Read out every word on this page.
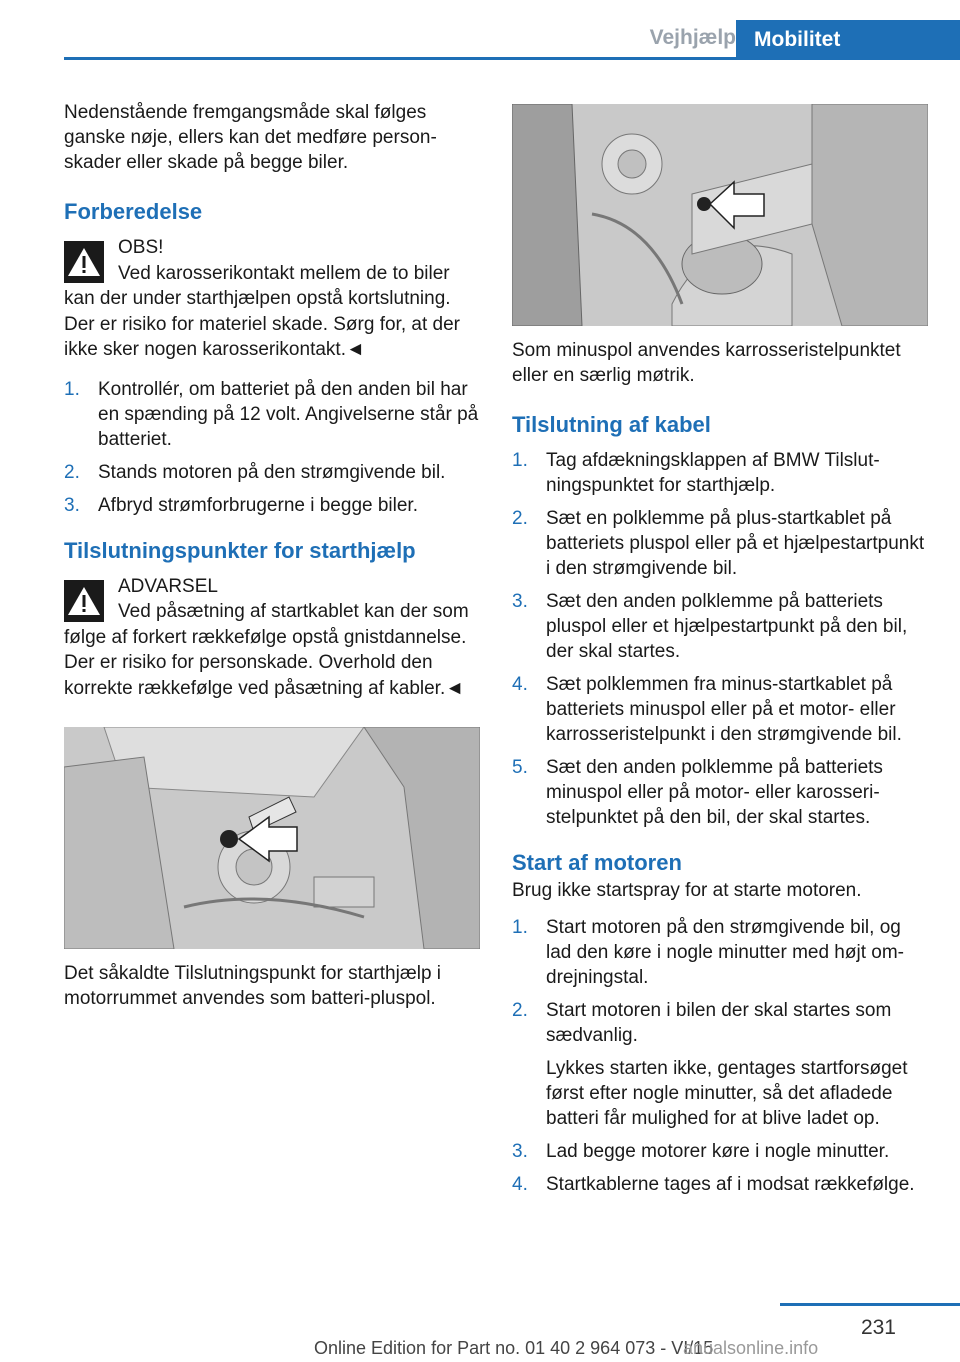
Vejhjælp Mobilitet

Nedenstående fremgangsmåde skal følges ganske nøje, ellers kan det medføre personskader eller skade på begge biler.

Forberedelse
OBS!
Ved karosserikontakt mellem de to biler kan der under starthjælpen opstå kortslutning. Der er risiko for materiel skade. Sørg for, at der ikke sker nogen karosserikontakt.◄
1. Kontrollér, om batteriet på den anden bil har en spænding på 12 volt. Angivelserne står på batteriet.
2. Stands motoren på den strømgivende bil.
3. Afbryd strømforbrugerne i begge biler.
Tilslutningspunkter for starthjælp
ADVARSEL
Ved påsætning af startkablet kan der som følge af forkert rækkefølge opstå gnistdannelse. Der er risiko for personskade. Overhold den korrekte rækkefølge ved påsætning af kabler.◄

Det såkaldte Tilslutningspunkt for starthjælp i motorrummet anvendes som batteri-pluspol.

Som minuspol anvendes karrosseristelpunktet eller en særlig møtrik.

Tilslutning af kabel
1. Tag afdækningsklappen af BMW Tilslutningspunktet for starthjælp.
2. Sæt en polklemme på plus-startkablet på batteriets pluspol eller på et hjælpestartpunkt i den strømgivende bil.
3. Sæt den anden polklemme på batteriets pluspol eller et hjælpestartpunkt på den bil, der skal startes.
4. Sæt polklemmen fra minus-startkablet på batteriets minuspol eller på et motor- eller karrosseristelpunkt i den strømgivende bil.
5. Sæt den anden polklemme på batteriets minuspol eller på motor- eller karosseristelpunktet på den bil, der skal startes.
Start af motoren

Brug ikke startspray for at starte motoren.

1. Start motoren på den strømgivende bil, og lad den køre i nogle minutter med højt omdrejningstal.
2. Start motoren i bilen der skal startes som sædvanlig.
Lykkes starten ikke, gentages startforsøget først efter nogle minutter, så det afladede batteri får mulighed for at blive ladet op.
3. Lad begge motorer køre i nogle minutter.
4. Startkablerne tages af i modsat rækkefølge.
231
Online Edition for Part no. 01 40 2 964 073 - VI/15
anualsonline.info
